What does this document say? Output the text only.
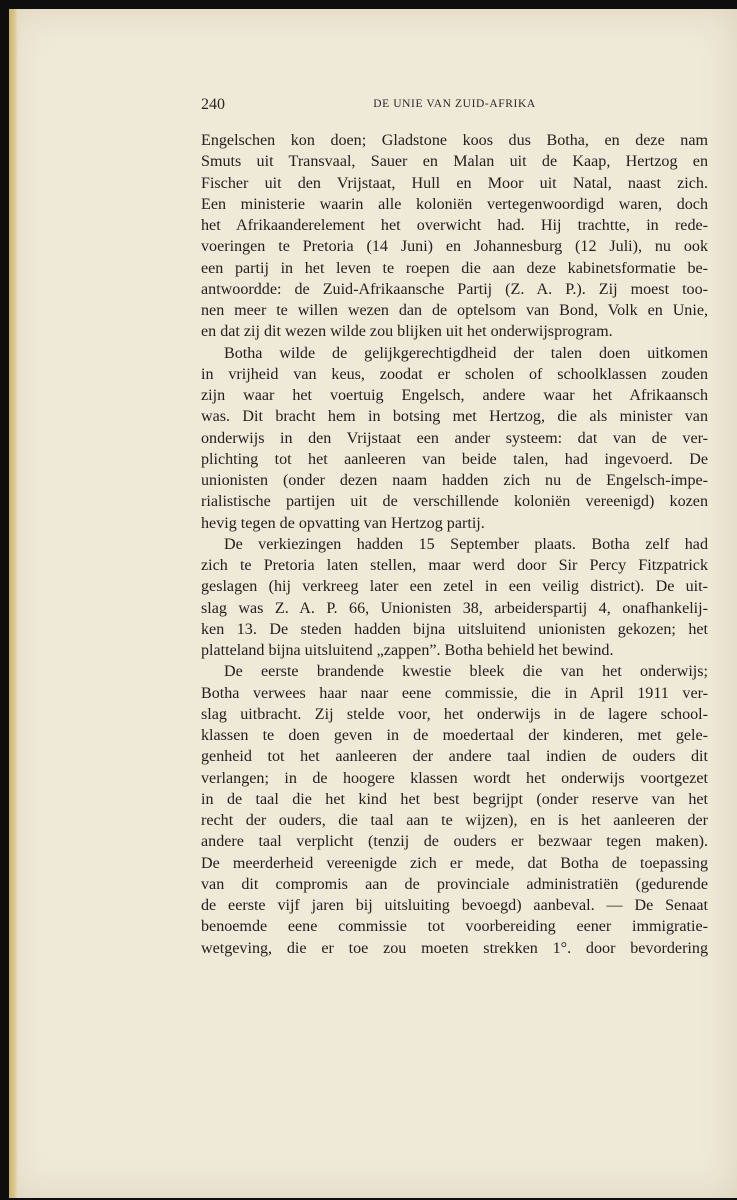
240	DE UNIE VAN ZUID-AFRIKA
Engelschen kon doen; Gladstone koos dus Botha, en deze nam
Smuts uit Transvaal, Sauer en Malan uit de Kaap, Hertzog en
Fischer uit den Vrijstaat, Hull en Moor uit Natal, naast zich.
Een ministerie waarin alle koloniën vertegenwoordigd waren, doch
het Afrikaanderelement het overwicht had. Hij trachtte, in rede-
voeringen te Pretoria (14 Juni) en Johannesburg (12 Juli), nu ook
een partij in het leven te roepen die aan deze kabinetsformatie be-
antwoordde: de Zuid-Afrikaansche Partij (Z. A. P.). Zij moest too-
nen meer te willen wezen dan de optelsom van Bond, Volk en Unie,
en dat zij dit wezen wilde zou blijken uit het onderwijsprogram.
Botha wilde de gelijkgerechtigdheid der talen doen uitkomen
in vrijheid van keus, zoodat er scholen of schoolklassen zouden
zijn waar het voertuig Engelsch, andere waar het Afrikaansch
was. Dit bracht hem in botsing met Hertzog, die als minister van
onderwijs in den Vrijstaat een ander systeem: dat van de ver-
plichting tot het aanleeren van beide talen, had ingevoerd. De
unionisten (onder dezen naam hadden zich nu de Engelsch-impe-
rialistische partijen uit de verschillende koloniën vereenigd) kozen
hevig tegen de opvatting van Hertzog partij.
De verkiezingen hadden 15 September plaats. Botha zelf had
zich te Pretoria laten stellen, maar werd door Sir Percy Fitzpatrick
geslagen (hij verkreeg later een zetel in een veilig district). De uit-
slag was Z. A. P. 66, Unionisten 38, arbeiderspartij 4, onafhankelij-
ken 13. De steden hadden bijna uitsluitend unionisten gekozen; het
platteland bijna uitsluitend „zappen”. Botha behield het bewind.
De eerste brandende kwestie bleek die van het onderwijs;
Botha verwees haar naar eene commissie, die in April 1911 ver-
slag uitbracht. Zij stelde voor, het onderwijs in de lagere school-
klassen te doen geven in de moedertaal der kinderen, met gele-
genheid tot het aanleeren der andere taal indien de ouders dit
verlangen; in de hoogere klassen wordt het onderwijs voortgezet
in de taal die het kind het best begrijpt (onder reserve van het
recht der ouders, die taal aan te wijzen), en is het aanleeren der
andere taal verplicht (tenzij de ouders er bezwaar tegen maken).
De meerderheid vereenigde zich er mede, dat Botha de toepassing
van dit compromis aan de provinciale administratiën (gedurende
de eerste vijf jaren bij uitsluiting bevoegd) aanbeval. — De Senaat
benoemde eene commissie tot voorbereiding eener immigratie-
wetgeving, die er toe zou moeten strekken 1°. door bevordering
